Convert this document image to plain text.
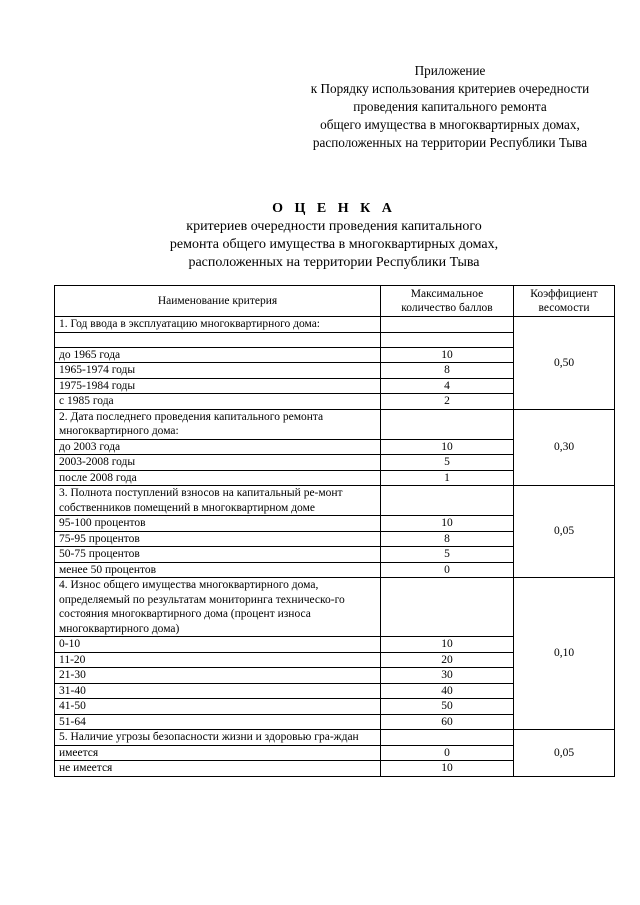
Приложение
к Порядку использования критериев очередности
проведения капитального ремонта
общего имущества в многоквартирных домах,
расположенных на территории Республики Тыва
О Ц Е Н К А
критериев очередности проведения капитального
ремонта общего имущества в многоквартирных домах,
расположенных на территории Республики Тыва
Наименование критерия	Максимальное количество баллов	Коэффициент весомости
1. Год ввода в эксплуатацию многоквартирного дома:		0,50

до 1965 года	10	
1965-1974 годы	8	
1975-1984 годы	4	
с 1985 года	2	
2. Дата последнего проведения капитального ремонта многоквартирного дома:		0,30
до 2003 года	10	
2003-2008 годы	5	
после 2008 года	1	
3. Полнота поступлений взносов на капитальный ре-монт собственников помещений в многоквартирном доме		0,05
95-100 процентов	10	
75-95 процентов	8	
50-75 процентов	5	
менее 50 процентов	0	
4. Износ общего имущества многоквартирного дома, определяемый по результатам мониторинга техническо-го состояния многоквартирного дома (процент износа многоквартирного дома)		0,10
0-10	10	
11-20	20	
21-30	30	
31-40	40	
41-50	50	
51-64	60	
5. Наличие угрозы безопасности жизни и здоровью гра-ждан		0,05
имеется	0	
не имеется	10	
